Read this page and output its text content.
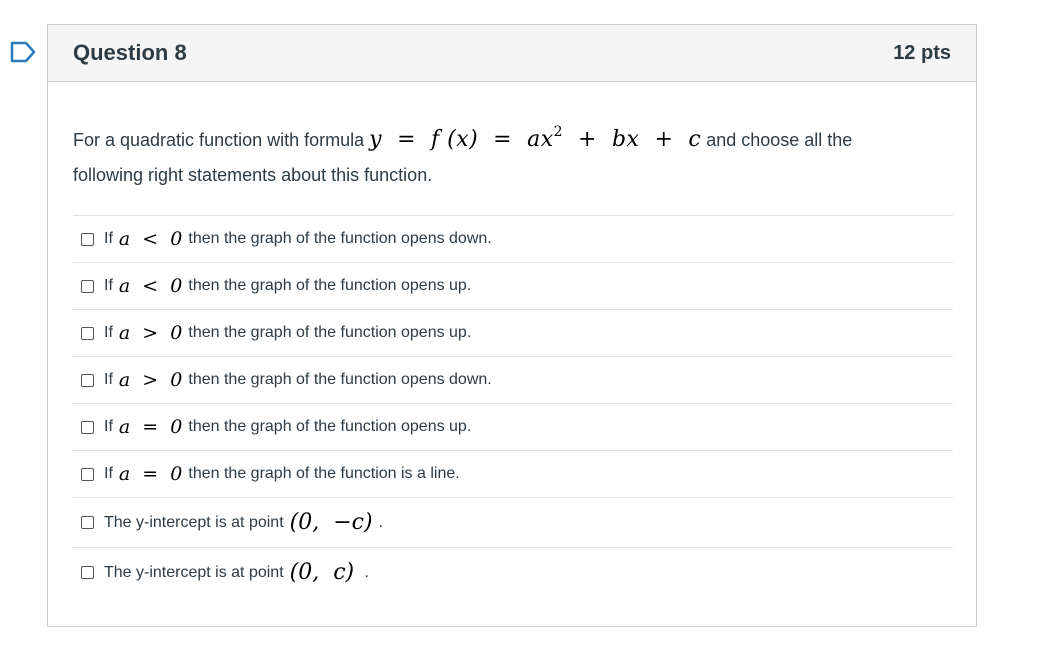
Question 8	12 pts
For a quadratic function with formula y  =  f $(x) = ax^2$  +  bx  +  c and choose all the
following right statements about this function.
If a  <  0 then the graph of the function opens down.
If a  <  0 then the graph of the function opens up.
If a  >  0 then the graph of the function opens up.
If a  >  0 then the graph of the function opens down.
If a  =  0 then the graph of the function opens up.
If a  =  0 then the graph of the function is a line.
The y-intercept is at point (0,  −c) .
The y-intercept is at point (0,  c) .
